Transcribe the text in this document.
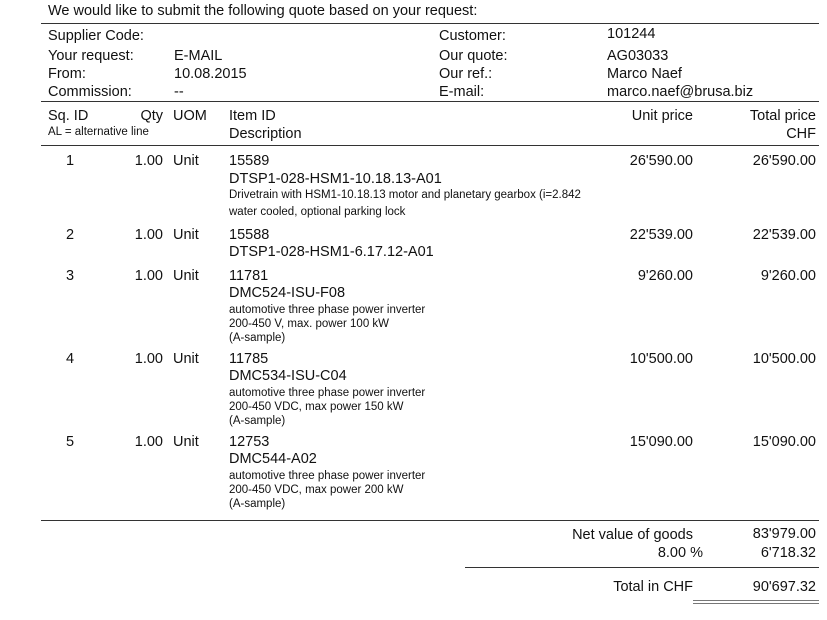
We would like to submit the following quote based on your request:
Supplier Code:
Your request:	E-MAIL
From:	10.08.2015
Commission:	--
Customer:	101244
Our quote:	AG03033
Our ref.:	Marco Naef
E-mail:	marco.naef@brusa.biz
Sq. ID
AL = alternative line
Qty UOM Item ID
Description
Unit price	Total price
CHF
1	1.00 Unit 15589
DTSP1-028-HSM1-10.18.13-A01
Drivetrain with HSM1-10.18.13 motor and planetary gearbox (i=2.842
water cooled, optional parking lock
26'590.00	26'590.00
2	1.00 Unit 15588
DTSP1-028-HSM1-6.17.12-A01
22'539.00	22'539.00
3	1.00 Unit 11781
DMC524-ISU-F08
automotive three phase power inverter
200-450 V, max. power 100 kW
(A-sample)
9'260.00	9'260.00
4	1.00 Unit 11785
DMC534-ISU-C04
automotive three phase power inverter
200-450 VDC, max power 150 kW
(A-sample)
10'500.00	10'500.00
5	1.00 Unit 12753
DMC544-A02
automotive three phase power inverter
200-450 VDC, max power 200 kW
(A-sample)
15'090.00	15'090.00
Net value of goods	83'979.00
8.00 %	6'718.32
Total in CHF	90'697.32
